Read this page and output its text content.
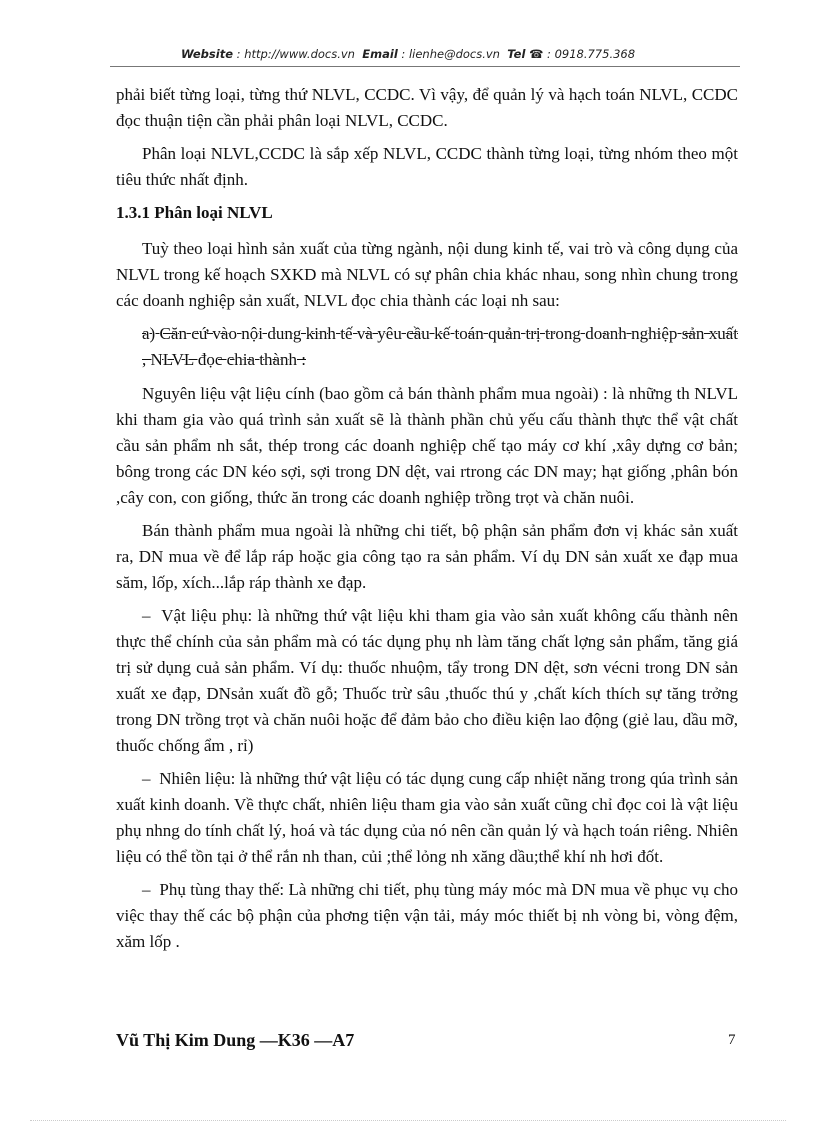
Website : http://www.docs.vn Email : lienhe@docs.vn Tel ☎ : 0918.775.368

phải biết từng loại, từng thứ NLVL, CCDC. Vì vậy, để quản lý và hạch toán NLVL, CCDC đọc thuận tiện cần phải phân loại NLVL, CCDC.

Phân loại NLVL,CCDC là sắp xếp NLVL, CCDC thành từng loại, từng nhóm theo một tiêu thức nhất định.

1.3.1 Phân loại NLVL

Tuỳ theo loại hình sản xuất của từng ngành, nội dung kinh tế, vai trò và công dụng của NLVL trong kế hoạch SXKD mà NLVL có sự phân chia khác nhau, song nhìn chung trong các doanh nghiệp sản xuất, NLVL đọc chia thành các loại nh sau:

a) Căn cứ vào nội dung kinh tế và yêu cầu kế toán quản trị trong doanh nghiệp sản xuất , NLVL đọc chia thành :

Nguyên liệu vật liệu cính (bao gồm cả bán thành phẩm mua ngoài) : là những th NLVL khi tham gia vào quá trình sản xuất sẽ là thành phần chủ yếu cấu thành thực thể vật chất cầu sản phẩm nh sắt, thép trong các doanh nghiệp chế tạo máy cơ khí ,xây dựng cơ bản; bông trong các DN kéo sợi, sợi trong DN dệt, vai rtrong các DN may; hạt giống ,phân bón ,cây con, con giống, thức ăn trong các doanh nghiệp trồng trọt và chăn nuôi.

Bán thành phẩm mua ngoài là những chi tiết, bộ phận sản phẩm đơn vị khác sản xuất ra, DN mua về để lắp ráp hoặc gia công tạo ra sản phẩm. Ví dụ DN sản xuất xe đạp mua săm, lốp, xích...lắp ráp thành xe đạp.

–  Vật liệu phụ: là những thứ vật liệu khi tham gia vào sản xuất không cấu thành nên thực thể chính của sản phẩm mà có tác dụng phụ nh làm tăng chất lợng sản phẩm, tăng giá trị sử dụng cuả sản phẩm. Ví dụ: thuốc nhuộm, tẩy trong DN dệt, sơn vécni trong DN sản xuất xe đạp, DNsản xuất đồ gỗ; Thuốc trừ sâu ,thuốc thú y ,chất kích thích sự tăng trởng trong DN trồng trọt và chăn nuôi hoặc để đảm bảo cho điều kiện lao động (giẻ lau, dầu mỡ, thuốc chống ẩm , rỉ)

–  Nhiên liệu: là những thứ vật liệu có tác dụng cung cấp nhiệt năng trong qúa trình sản xuất kinh doanh. Về thực chất, nhiên liệu tham gia vào sản xuất cũng chỉ đọc coi là vật liệu phụ nhng do tính chất lý, hoá và tác dụng của nó nên cần quản lý và hạch toán riêng. Nhiên liệu có thể tồn tại ở thể rắn nh than, củi ;thể lỏng nh xăng dầu;thể khí nh hơi đốt.

–  Phụ tùng thay thế: Là những chi tiết, phụ tùng máy móc mà DN mua về phục vụ cho việc thay thế các bộ phận của phơng tiện vận tải, máy móc thiết bị nh vòng bi, vòng đệm, xăm lốp .

Vũ Thị Kim Dung —K36 —A7	7
